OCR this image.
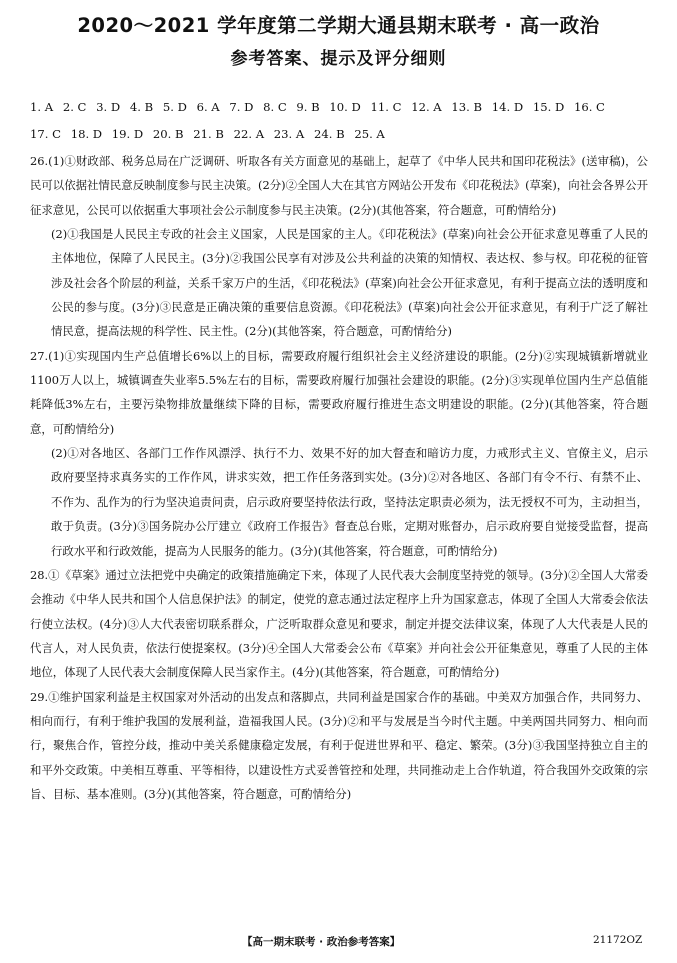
2020～2021 学年度第二学期大通县期末联考 · 高一政治
参考答案、提示及评分细则
1. A 2. C 3. D 4. B 5. D 6. A 7. D 8. C 9. B 10. D 11. C 12. A 13. B 14. D 15. D 16. C
17. C 18. D 19. D 20. B 21. B 22. A 23. A 24. B 25. A

26.(1)①财政部、税务总局在广泛调研、听取各有关方面意见的基础上，起草了《中华人民共和国印花税法》(送审稿)，公民可以依据社情民意反映制度参与民主决策。(2分)②全国人大在其官方网站公开发布《印花税法》(草案)，向社会各界公开征求意见，公民可以依据重大事项社会公示制度参与民主决策。(2分)(其他答案，符合题意，可酌情给分)

(2)①我国是人民民主专政的社会主义国家，人民是国家的主人。《印花税法》(草案)向社会公开征求意见尊重了人民的主体地位，保障了人民民主。(3分)②我国公民享有对涉及公共利益的决策的知情权、表达权、参与权。印花税的征管涉及社会各个阶层的利益，关系千家万户的生活，《印花税法》(草案)向社会公开征求意见，有利于提高立法的透明度和公民的参与度。(3分)③民意是正确决策的重要信息资源。《印花税法》(草案)向社会公开征求意见，有利于广泛了解社情民意，提高法规的科学性、民主性。(2分)(其他答案，符合题意，可酌情给分)

27.(1)①实现国内生产总值增长6%以上的目标，需要政府履行组织社会主义经济建设的职能。(2分)②实现城镇新增就业1100万人以上，城镇调查失业率5.5%左右的目标，需要政府履行加强社会建设的职能。(2分)③实现单位国内生产总值能耗降低3%左右，主要污染物排放量继续下降的目标，需要政府履行推进生态文明建设的职能。(2分)(其他答案，符合题意，可酌情给分)

(2)①对各地区、各部门工作作风漂浮、执行不力、效果不好的加大督查和暗访力度，力戒形式主义、官僚主义，启示政府要坚持求真务实的工作作风，讲求实效，把工作任务落到实处。(3分)②对各地区、各部门有令不行、有禁不止、不作为、乱作为的行为坚决追责问责，启示政府要坚持依法行政，坚持法定职责必须为，法无授权不可为，主动担当，敢于负责。(3分)③国务院办公厅建立《政府工作报告》督查总台账，定期对账督办，启示政府要自觉接受监督，提高行政水平和行政效能，提高为人民服务的能力。(3分)(其他答案，符合题意，可酌情给分)

28.①《草案》通过立法把党中央确定的政策措施确定下来，体现了人民代表大会制度坚持党的领导。(3分)②全国人大常委会推动《中华人民共和国个人信息保护法》的制定，使党的意志通过法定程序上升为国家意志，体现了全国人大常委会依法行使立法权。(4分)③人大代表密切联系群众，广泛听取群众意见和要求，制定并提交法律议案，体现了人大代表是人民的代言人，对人民负责，依法行使提案权。(3分)④全国人大常委会公布《草案》并向社会公开征集意见，尊重了人民的主体地位，体现了人民代表大会制度保障人民当家作主。(4分)(其他答案，符合题意，可酌情给分)

29.①维护国家利益是主权国家对外活动的出发点和落脚点，共同利益是国家合作的基础。中美双方加强合作，共同努力、相向而行，有利于维护我国的发展利益，造福我国人民。(3分)②和平与发展是当今时代主题。中美两国共同努力、相向而行，聚焦合作，管控分歧，推动中美关系健康稳定发展，有利于促进世界和平、稳定、繁荣。(3分)③我国坚持独立自主的和平外交政策。中美相互尊重、平等相待，以建设性方式妥善管控和处理，共同推动走上合作轨道，符合我国外交政策的宗旨、目标、基本准则。(3分)(其他答案，符合题意，可酌情给分)

【高一期末联考 · 政治参考答案】	21172OZ
